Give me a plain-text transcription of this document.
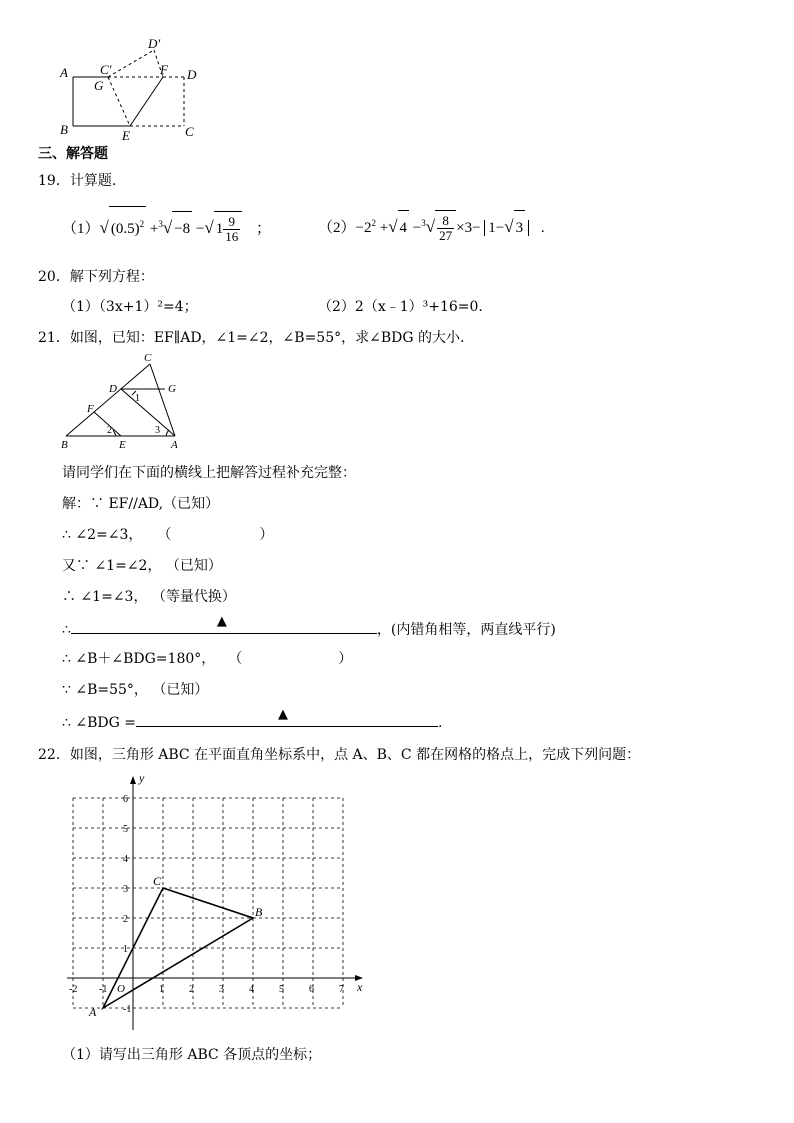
A
B	C
D
E
F
G
C′
D′
三、解答题
19．计算题.
（1）√ $(0.5)^2 +^3√ -8$ −√ $1 \frac{9}{16}$ ；	$(2)-2^2$ +√ $4 -^3√ \frac{8}{27} \times 3- 1-√$ 3 .
20．解下列方程：
（1）（3x+1）²=4；	（2）2（x﹣1）³+16=0.
21．如图，已知：EF∥AD，∠1=∠2，∠B=55°，求∠BDG 的大小.
C
D	G
F
B	E	A
1
2	3
请同学们在下面的横线上把解答过程补充完整：
解：∵ EF//AD,（已知）
∴ ∠2=∠3， （	）
又∵ ∠1=∠2， （已知）
∴ ∠1=∠3， （等量代换）
∴
▲
，(内错角相等，两直线平行)
∴ ∠B＋∠BDG=180°， （	）
∵ ∠B=55°， （已知）
∴ ∠BDG =
▲
.
22．如图，三角形 ABC 在平面直角坐标系中，点 A、B、C 都在网格的格点上，完成下列问题：
x
y
O
-2 -1	1	2	3	4	5	6	7
-1
1
2
3
4
5
6
A
B
C
（1）请写出三角形 ABC 各顶点的坐标；
